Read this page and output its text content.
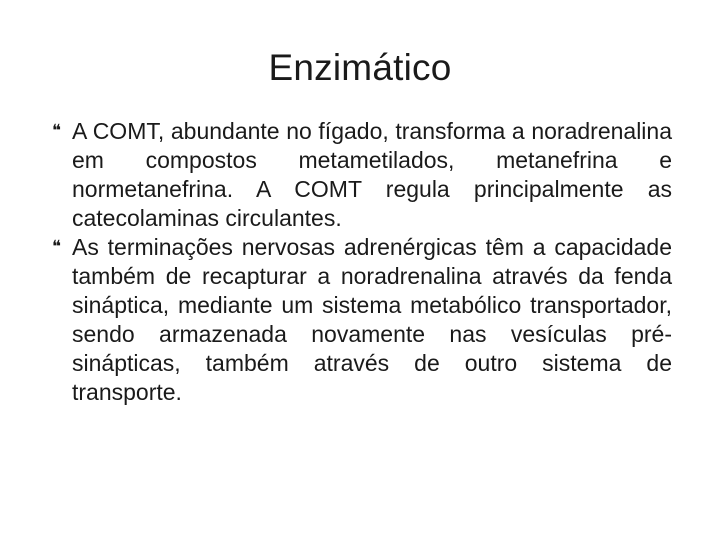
Enzimático
❝ A COMT, abundante no fígado, transforma a noradrenalina em compostos metametilados, metanefrina e normetanefrina. A COMT regula principalmente as catecolaminas circulantes.
❝ As terminações nervosas adrenérgicas têm a capacidade também de recapturar a noradrenalina através da fenda sináptica, mediante um sistema metabólico transportador, sendo armazenada novamente nas vesículas pré-sinápticas, também através de outro sistema de transporte.
